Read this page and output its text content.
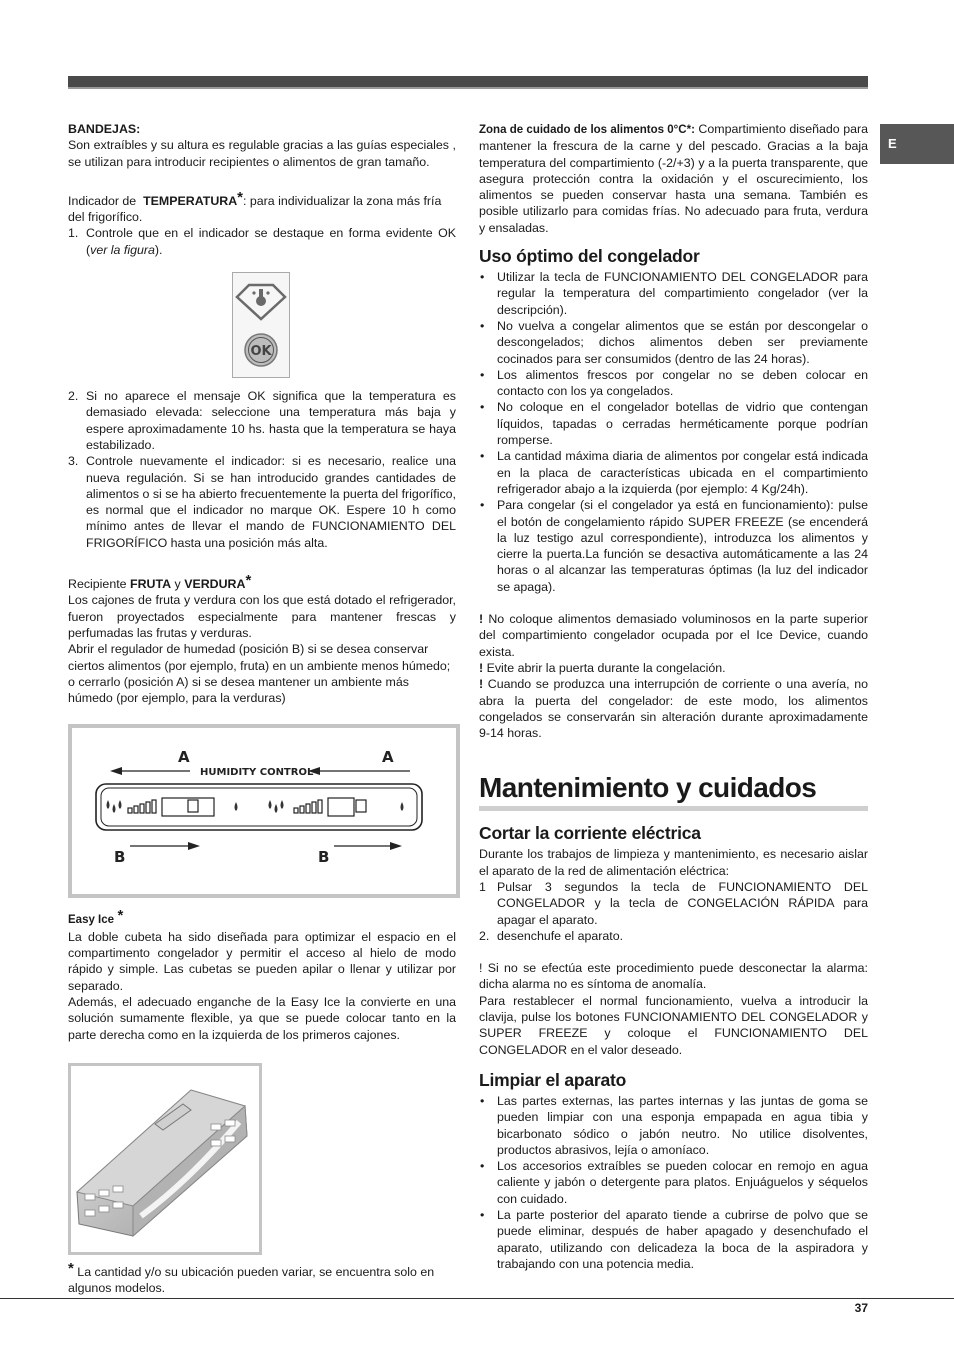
E

BANDEJAS:

Son extraíbles y su altura es regulable gracias a las guías especiales , se utilizan para introducir recipientes o alimentos de gran tamaño.

Indicador de TEMPERATURA*: para individualizar la zona más fría del frigorífico.

1. Controle que en el indicador se destaque en forma evidente OK (ver la figura).
OK
2. Si no aparece el mensaje OK significa que la temperatura es demasiado elevada: seleccione una temperatura más baja y espere aproximadamente 10 hs. hasta que la temperatura se haya estabilizado.
3. Controle nuevamente el indicador: si es necesario, realice una nueva regulación. Si se han introducido grandes cantidades de alimentos o si se ha abierto frecuentemente la puerta del frigorífico, es normal que el indicador no marque OK. Espere 10 h como mínimo antes de llevar el mando de FUNCIONAMIENTO DEL FRIGORÍFICO hasta una posición más alta.

Recipiente FRUTA y VERDURA*

Los cajones de fruta y verdura con los que está dotado el refrigerador, fueron proyectados especialmente para mantener frescas y perfumadas las frutas y verduras.

Abrir el regulador de humedad (posición B) si se desea conservar ciertos alimentos (por ejemplo, fruta) en un ambiente menos húmedo; o cerrarlo (posición A) si se desea mantener un ambiente más húmedo (por ejemplo, para la verduras)

A	A
HUMIDITY CONTROL
B	B

Easy Ice *

La doble cubeta ha sido diseñada para optimizar el espacio en el compartimento congelador y permitir el acceso al hielo de modo rápido y simple. Las cubetas se pueden apilar o llenar y utilizar por separado.

Además, el adecuado enganche de la Easy Ice la convierte en una solución sumamente flexible, ya que se puede colocar tanto en la parte derecha como en la izquierda de los primeros cajones.

* La cantidad y/o su ubicación pueden variar, se encuentra solo en algunos modelos.

Zona de cuidado de los alimentos 0°C*: Compartimiento diseñado para mantener la frescura de la carne y del pescado. Gracias a la baja temperatura del compartimiento (-2/+3) y a la puerta transparente, que asegura protección contra la oxidación y el oscurecimiento, los alimentos se pueden conservar hasta una semana. También es posible utilizarlo para comidas frías. No adecuado para fruta, verdura y ensaladas.

Uso óptimo del congelador
• Utilizar la tecla de FUNCIONAMIENTO DEL CONGELADOR para regular la temperatura del compartimiento congelador (ver la descripción).
• No vuelva a congelar alimentos que se están por descongelar o descongelados; dichos alimentos deben ser previamente cocinados para ser consumidos (dentro de las 24 horas).
• Los alimentos frescos por congelar no se deben colocar en contacto con los ya congelados.
• No coloque en el congelador botellas de vidrio que contengan líquidos, tapadas o cerradas herméticamente porque podrían romperse.
• La cantidad máxima diaria de alimentos por congelar está indicada en la placa de características ubicada en el compartimiento refrigerador abajo a la izquierda (por ejemplo: 4 Kg/24h).
• Para congelar (si el congelador ya está en funcionamiento): pulse el botón de congelamiento rápido SUPER FREEZE (se encenderá la luz testigo azul correspondiente), introduzca los alimentos y cierre la puerta.La función se desactiva automáticamente a las 24 horas o al alcanzar las temperaturas óptimas (la luz del indicador se apaga).

! No coloque alimentos demasiado voluminosos en la parte superior del compartimiento congelador ocupada por el Ice Device, cuando exista.

! Evite abrir la puerta durante la congelación.

! Cuando se produzca una interrupción de corriente o una avería, no abra la puerta del congelador: de este modo, los alimentos congelados se conservarán sin alteración durante aproximadamente 9-14 horas.

Mantenimiento y cuidados
Cortar la corriente eléctrica

Durante los trabajos de limpieza y mantenimiento, es necesario aislar el aparato de la red de alimentación eléctrica:

1 Pulsar 3 segundos la tecla de FUNCIONAMIENTO DEL CONGELADOR y la tecla de CONGELACIÓN RÁPIDA para apagar el aparato.
2. desenchufe el aparato.

! Si no se efectúa este procedimiento puede desconectar la alarma: dicha alarma no es síntoma de anomalía.

Para restablecer el normal funcionamiento, vuelva a introducir la clavija, pulse los botones FUNCIONAMIENTO DEL CONGELADOR y SUPER FREEZE y coloque el FUNCIONAMIENTO DEL CONGELADOR en el valor deseado.

Limpiar el aparato
• Las partes externas, las partes internas y las juntas de goma se pueden limpiar con una esponja empapada en agua tibia y bicarbonato sódico o jabón neutro. No utilice disolventes, productos abrasivos, lejía o amoníaco.
• Los accesorios extraíbles se pueden colocar en remojo en agua caliente y jabón o detergente para platos. Enjuáguelos y séquelos con cuidado.
• La parte posterior del aparato tiende a cubrirse de polvo que se puede eliminar, después de haber apagado y desenchufado el aparato, utilizando con delicadeza la boca de la aspiradora y trabajando con una potencia media.
37
